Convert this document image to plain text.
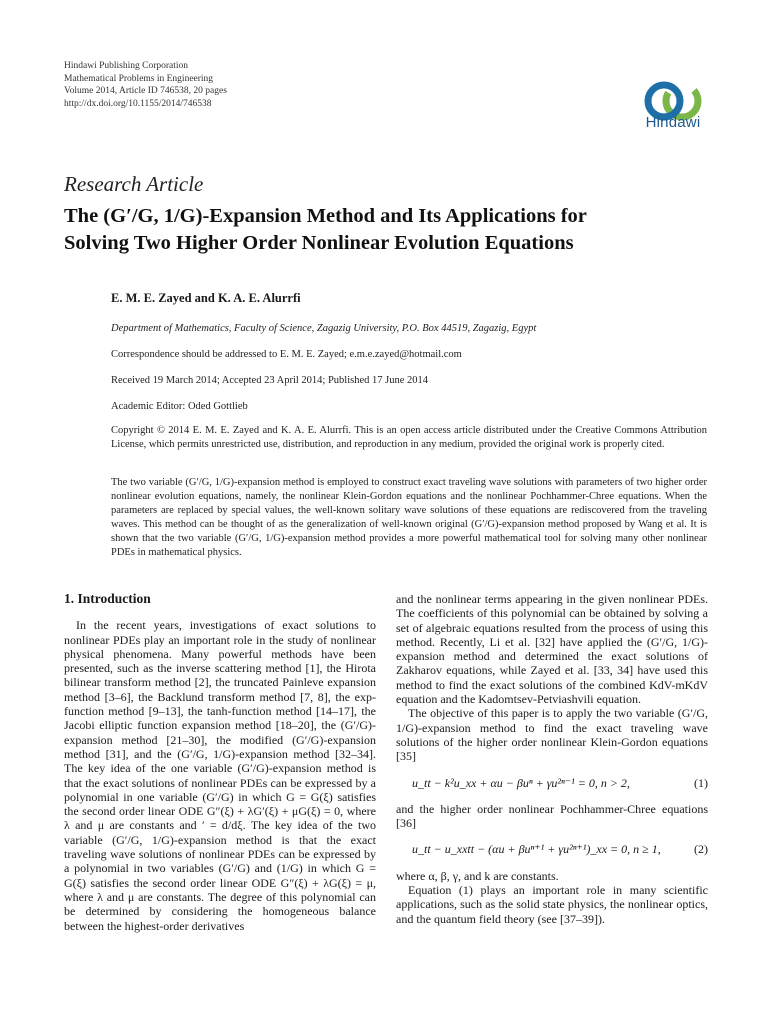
Hindawi Publishing Corporation
Mathematical Problems in Engineering
Volume 2014, Article ID 746538, 20 pages
http://dx.doi.org/10.1155/2014/746538
Hindawi
Research Article
The (G′/G, 1/G)-Expansion Method and Its Applications for
Solving Two Higher Order Nonlinear Evolution Equations
E. M. E. Zayed and K. A. E. Alurrfi
Department of Mathematics, Faculty of Science, Zagazig University, P.O. Box 44519, Zagazig, Egypt
Correspondence should be addressed to E. M. E. Zayed; e.m.e.zayed@hotmail.com
Received 19 March 2014; Accepted 23 April 2014; Published 17 June 2014
Academic Editor: Oded Gottlieb
Copyright © 2014 E. M. E. Zayed and K. A. E. Alurrfi. This is an open access article distributed under the Creative Commons Attribution License, which permits unrestricted use, distribution, and reproduction in any medium, provided the original work is properly cited.
The two variable (G′/G, 1/G)-expansion method is employed to construct exact traveling wave solutions with parameters of two higher order nonlinear evolution equations, namely, the nonlinear Klein-Gordon equations and the nonlinear Pochhammer-Chree equations. When the parameters are replaced by special values, the well-known solitary wave solutions of these equations are rediscovered from the traveling waves. This method can be thought of as the generalization of well-known original (G′/G)-expansion method proposed by Wang et al. It is shown that the two variable (G′/G, 1/G)-expansion method provides a more powerful mathematical tool for solving many other nonlinear PDEs in mathematical physics.
1. Introduction

In the recent years, investigations of exact solutions to nonlinear PDEs play an important role in the study of nonlinear physical phenomena. Many powerful methods have been presented, such as the inverse scattering method [1], the Hirota bilinear transform method [2], the truncated Painleve expansion method [3–6], the Backlund transform method [7, 8], the exp-function method [9–13], the tanh-function method [14–17], the Jacobi elliptic function expansion method [18–20], the (G′/G)-expansion method [21–30], the modified (G′/G)-expansion method [31], and the (G′/G, 1/G)-expansion method [32–34]. The key idea of the one variable (G′/G)-expansion method is that the exact solutions of nonlinear PDEs can be expressed by a polynomial in one variable (G′/G) in which G = G(ξ) satisfies the second order linear ODE G″(ξ) + λG′(ξ) + μG(ξ) = 0, where λ and μ are constants and ′ = d/dξ. The key idea of the two variable (G′/G, 1/G)-expansion method is that the exact traveling wave solutions of nonlinear PDEs can be expressed by a polynomial in two variables (G′/G) and (1/G) in which G = G(ξ) satisfies the second order linear ODE G″(ξ) + λG(ξ) = μ, where λ and μ are constants. The degree of this polynomial can be determined by considering the homogeneous balance between the highest-order derivatives

and the nonlinear terms appearing in the given nonlinear PDEs. The coefficients of this polynomial can be obtained by solving a set of algebraic equations resulted from the process of using this method. Recently, Li et al. [32] have applied the (G′/G, 1/G)-expansion method and determined the exact solutions of Zakharov equations, while Zayed et al. [33, 34] have used this method to find the exact solutions of the combined KdV-mKdV equation and the Kadomtsev-Petviashvili equation.

The objective of this paper is to apply the two variable (G′/G, 1/G)-expansion method to find the exact traveling wave solutions of the higher order nonlinear Klein-Gordon equations [35]

u_tt − k²u_xx + αu − βuⁿ + γu²ⁿ⁻¹ = 0, n > 2,	(1)

and the higher order nonlinear Pochhammer-Chree equations [36]

u_tt − u_xxtt − (αu + βuⁿ⁺¹ + γu²ⁿ⁺¹)_xx = 0, n ≥ 1,	(2)

where α, β, γ, and k are constants.

Equation (1) plays an important role in many scientific applications, such as the solid state physics, the nonlinear optics, and the quantum field theory (see [37–39]).
